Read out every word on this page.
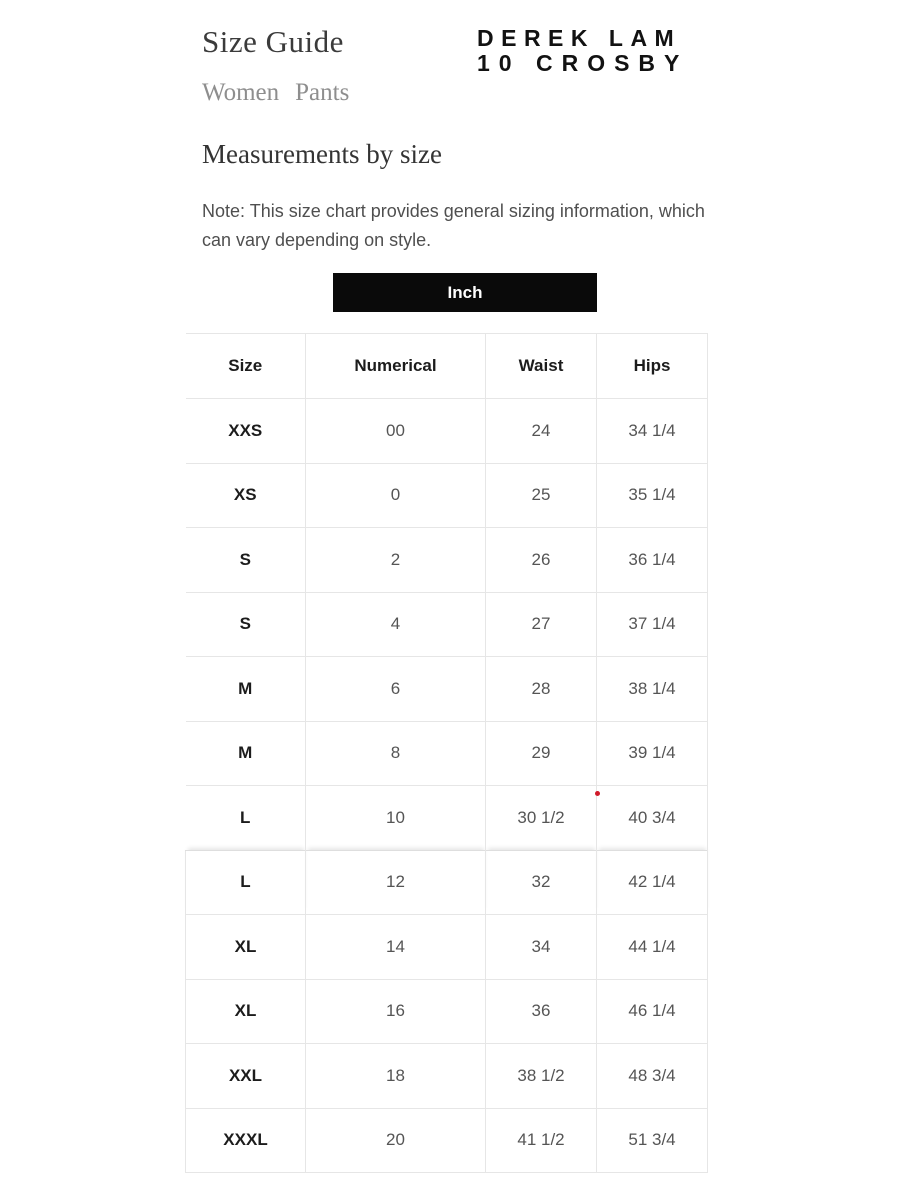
Size Guide
Women Pants
DEREK LAM
10 CROSBY
Measurements by size
Note: This size chart provides general sizing information, which can vary depending on style.
Inch
Size	Numerical	Waist	Hips
XXS	00	24	34 1/4
XS	0	25	35 1/4
S	2	26	36 1/4
S	4	27	37 1/4
M	6	28	38 1/4
M	8	29	39 1/4
L	10	30 1/2	40 3/4
L	12	32	42 1/4
XL	14	34	44 1/4
XL	16	36	46 1/4
XXL	18	38 1/2	48 3/4
XXXL	20	41 1/2	51 3/4
